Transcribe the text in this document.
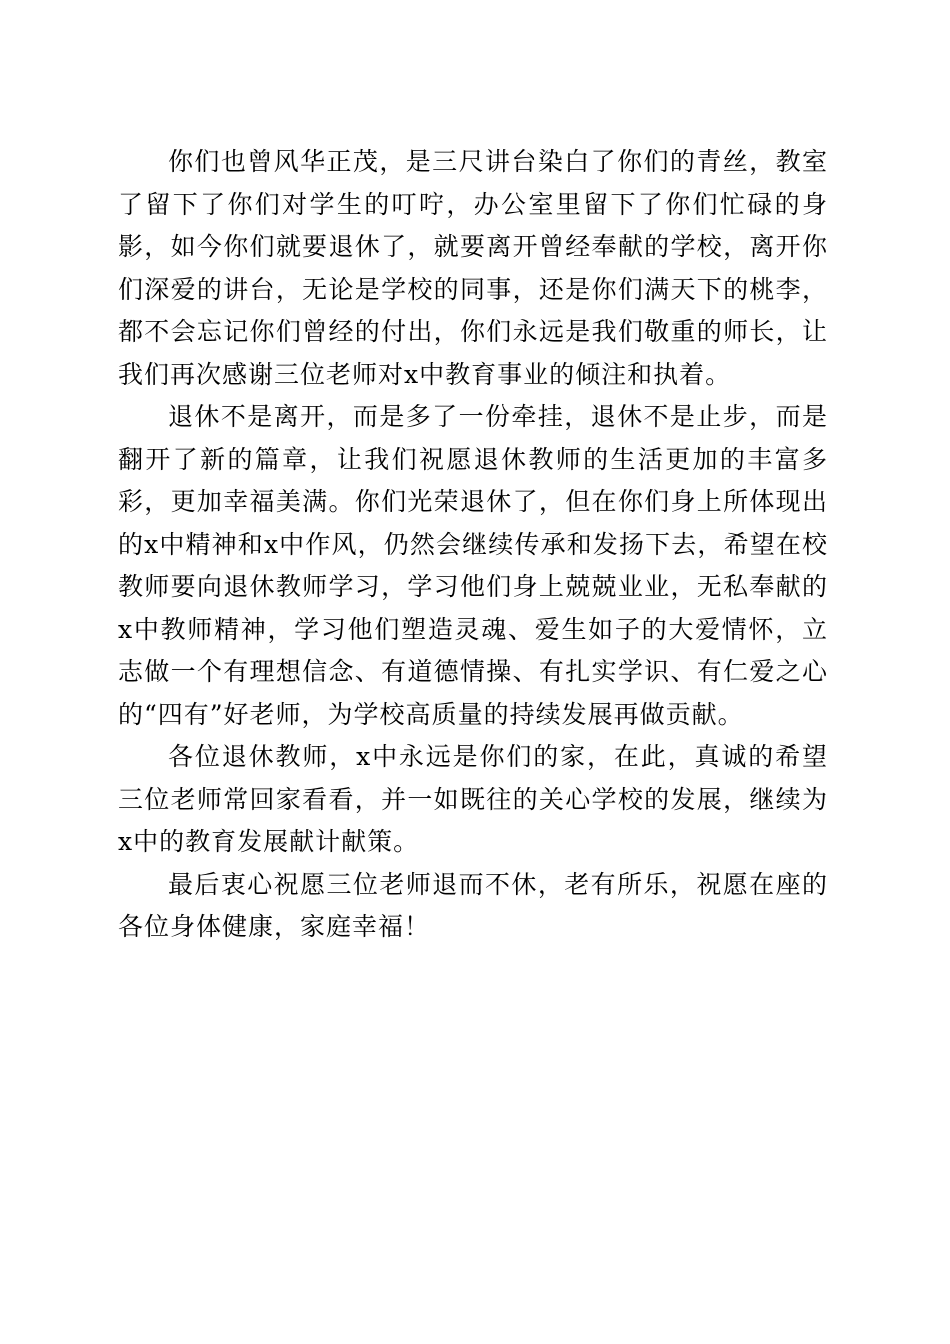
你们也曾风华正茂，是三尺讲台染白了你们的青丝，教室了留下了你们对学生的叮咛，办公室里留下了你们忙碌的身影，如今你们就要退休了，就要离开曾经奉献的学校，离开你们深爱的讲台，无论是学校的同事，还是你们满天下的桃李，都不会忘记你们曾经的付出，你们永远是我们敬重的师长，让我们再次感谢三位老师对x中教育事业的倾注和执着。

退休不是离开，而是多了一份牵挂，退休不是止步，而是翻开了新的篇章，让我们祝愿退休教师的生活更加的丰富多彩，更加幸福美满。你们光荣退休了，但在你们身上所体现出的x中精神和x中作风，仍然会继续传承和发扬下去，希望在校教师要向退休教师学习，学习他们身上兢兢业业，无私奉献的x中教师精神，学习他们塑造灵魂、爱生如子的大爱情怀，立志做一个有理想信念、有道德情操、有扎实学识、有仁爱之心的“四有”好老师，为学校高质量的持续发展再做贡献。

各位退休教师，x中永远是你们的家，在此，真诚的希望三位老师常回家看看，并一如既往的关心学校的发展，继续为x中的教育发展献计献策。

最后衷心祝愿三位老师退而不休，老有所乐，祝愿在座的各位身体健康，家庭幸福！
